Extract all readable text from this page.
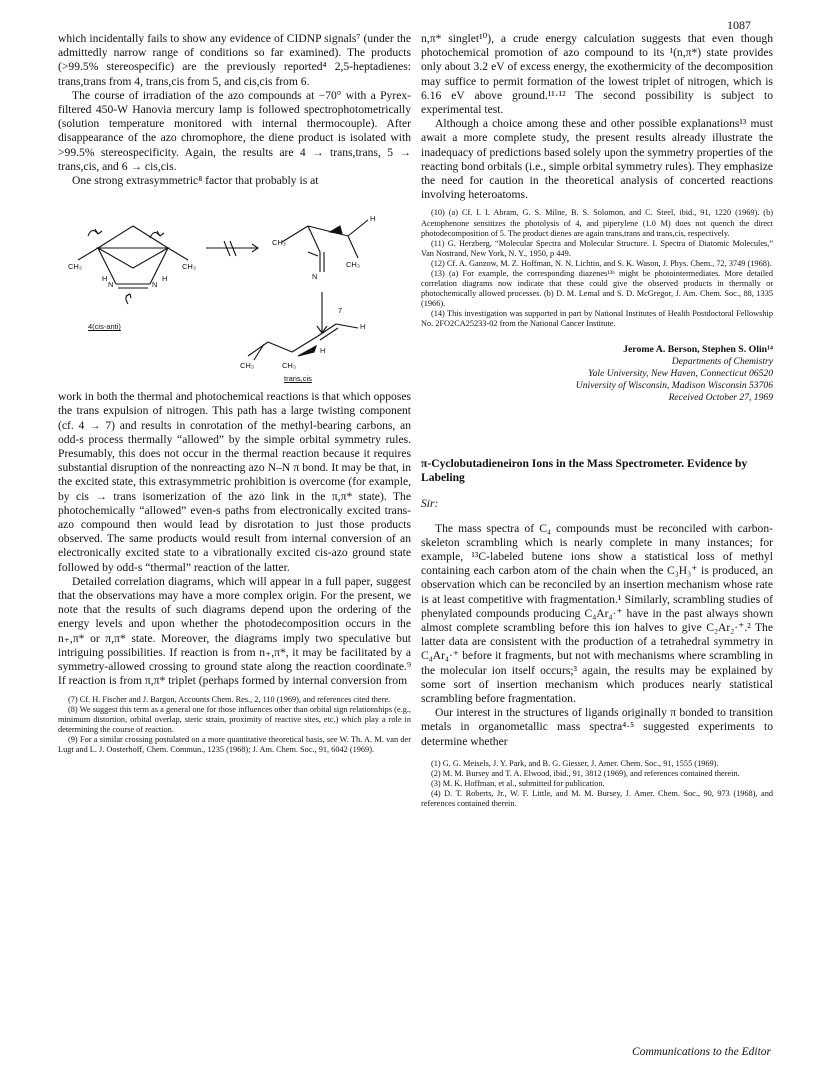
1087

which incidentally fails to show any evidence of CIDNP signals⁷ (under the admittedly narrow range of conditions so far examined). The products (>99.5% stereospecific) are the previously reported⁴ 2,5-heptadienes: trans,trans from 4, trans,cis from 5, and cis,cis from 6.

The course of irradiation of the azo compounds at −70° with a Pyrex-filtered 450-W Hanovia mercury lamp is followed spectrophotometrically (solution temperature monitored with internal thermocouple). After disappearance of the azo chromophore, the diene product is isolated with >99.5% stereospecificity. Again, the results are 4 → trans,trans, 5 → trans,cis, and 6 → cis,cis.

One strong extrasymmetric⁸ factor that probably is at

CH₃	CH₃
N	N
H	H
4(cis-anti)
CH₃
CH₃
N
H
7
CH₃	CH₃
H
H
trans,cis

work in both the thermal and photochemical reactions is that which opposes the trans expulsion of nitrogen. This path has a large twisting component (cf. 4 → 7) and results in conrotation of the methyl-bearing carbons, an odd-s process thermally “allowed” by the simple orbital symmetry rules. Presumably, this does not occur in the thermal reaction because it requires substantial disruption of the nonreacting azo N–N π bond. It may be that, in the excited state, this extrasymmetric prohibition is overcome (for example, by cis → trans isomerization of the azo link in the π,π* state). The photochemically “allowed” even-s paths from electronically excited trans-azo compound then would lead by disrotation to just those products observed. The same products would result from internal conversion of an electronically excited state to a vibrationally excited cis-azo ground state followed by odd-s “thermal” reaction of the latter.

Detailed correlation diagrams, which will appear in a full paper, suggest that the observations may have a more complex origin. For the present, we note that the results of such diagrams depend upon the ordering of the energy levels and upon whether the photodecomposition occurs in the n₊,π* or π,π* state. Moreover, the diagrams imply two speculative but intriguing possibilities. If reaction is from n₊,π*, it may be facilitated by a symmetry-allowed crossing to ground state along the reaction coordinate.⁹ If reaction is from π,π* triplet (perhaps formed by internal conversion from

(7) Cf. H. Fischer and J. Bargon, Accounts Chem. Res., 2, 110 (1969), and references cited there.

(8) We suggest this term as a general one for those influences other than orbital sign relationships (e.g., minimum distortion, orbital overlap, steric strain, proximity of reactive sites, etc.) which play a role in determining the course of reaction.

(9) For a similar crossing postulated on a more quantitative theoretical basis, see W. Th. A. M. van der Lugt and L. J. Oosterhoff, Chem. Commun., 1235 (1968); J. Am. Chem. Soc., 91, 6042 (1969).

n,π* singlet¹⁰), a crude energy calculation suggests that even though photochemical promotion of azo compound to its ¹(n,π*) state provides only about 3.2 eV of excess energy, the exothermicity of the decomposition may suffice to permit formation of the lowest triplet of nitrogen, which is 6.16 eV above ground.¹¹·¹² The second possibility is subject to experimental test.

Although a choice among these and other possible explanations¹³ must await a more complete study, the present results already illustrate the inadequacy of predictions based solely upon the symmetry properties of the reacting bond orbitals (i.e., simple orbital symmetry rules). They emphasize the need for caution in the theoretical analysis of concerted reactions involving heteroatoms.

(10) (a) Cf. I. I. Abram, G. S. Milne, B. S. Solomon, and C. Steel, ibid., 91, 1220 (1969). (b) Acetophenone sensitizes the photolysis of 4, and piperylene (1.0 M) does not quench the direct photodecomposition of 5. The product dienes are again trans,trans and trans,cis, respectively.

(11) G. Herzberg, “Molecular Spectra and Molecular Structure. I. Spectra of Diatomic Molecules,” Van Nostrand, New York, N. Y., 1950, p 449.

(12) Cf. A. Ganzow, M. Z. Hoffman, N. N. Lichtin, and S. K. Wason, J. Phys. Chem., 72, 3749 (1968).

(13) (a) For example, the corresponding diazenes¹³ᵇ might be photointermediates. More detailed correlation diagrams now indicate that these could give the observed products in thermally or photochemically allowed processes. (b) D. M. Lemal and S. D. McGregor, J. Am. Chem. Soc., 88, 1335 (1966).

(14) This investigation was supported in part by National Institutes of Health Postdoctoral Fellowship No. 2FO2CA25233-02 from the National Cancer Institute.

Jerome A. Berson, Stephen S. Olin¹⁴
Departments of Chemistry
Yale University, New Haven, Connecticut 06520
University of Wisconsin, Madison Wisconsin 53706
Received October 27, 1969
π-Cyclobutadieneiron Ions in the Mass Spectrometer. Evidence by Labeling
Sir:

The mass spectra of C₄ compounds must be reconciled with carbon-skeleton scrambling which is nearly complete in many instances; for example, ¹³C-labeled butene ions show a statistical loss of methyl containing each carbon atom of the chain when the C₃H₃⁺ is produced, an observation which can be reconciled by an insertion mechanism whose rate is at least competitive with fragmentation.¹ Similarly, scrambling studies of phenylated compounds producing C₄Ar₄·⁺ have in the past always shown almost complete scrambling before this ion halves to give C₂Ar₂·⁺.² The latter data are consistent with the production of a tetrahedral symmetry in C₄Ar₄·⁺ before it fragments, but not with mechanisms where scrambling in the molecular ion itself occurs;³ again, the results may be explained by some sort of insertion mechanism which produces nearly statistical scrambling before fragmentation.

Our interest in the structures of ligands originally π bonded to transition metals in organometallic mass spectra⁴·⁵ suggested experiments to determine whether

(1) G. G. Meisels, J. Y. Park, and B. G. Giesser, J. Amer. Chem. Soc., 91, 1555 (1969).

(2) M. M. Bursey and T. A. Elwood, ibid., 91, 3812 (1969), and references contained therein.

(3) M. K. Hoffman, et al., submitted for publication.

(4) D. T. Roberts, Jr., W. F. Little, and M. M. Bursey, J. Amer. Chem. Soc., 90, 973 (1968), and references contained therein.

Communications to the Editor
